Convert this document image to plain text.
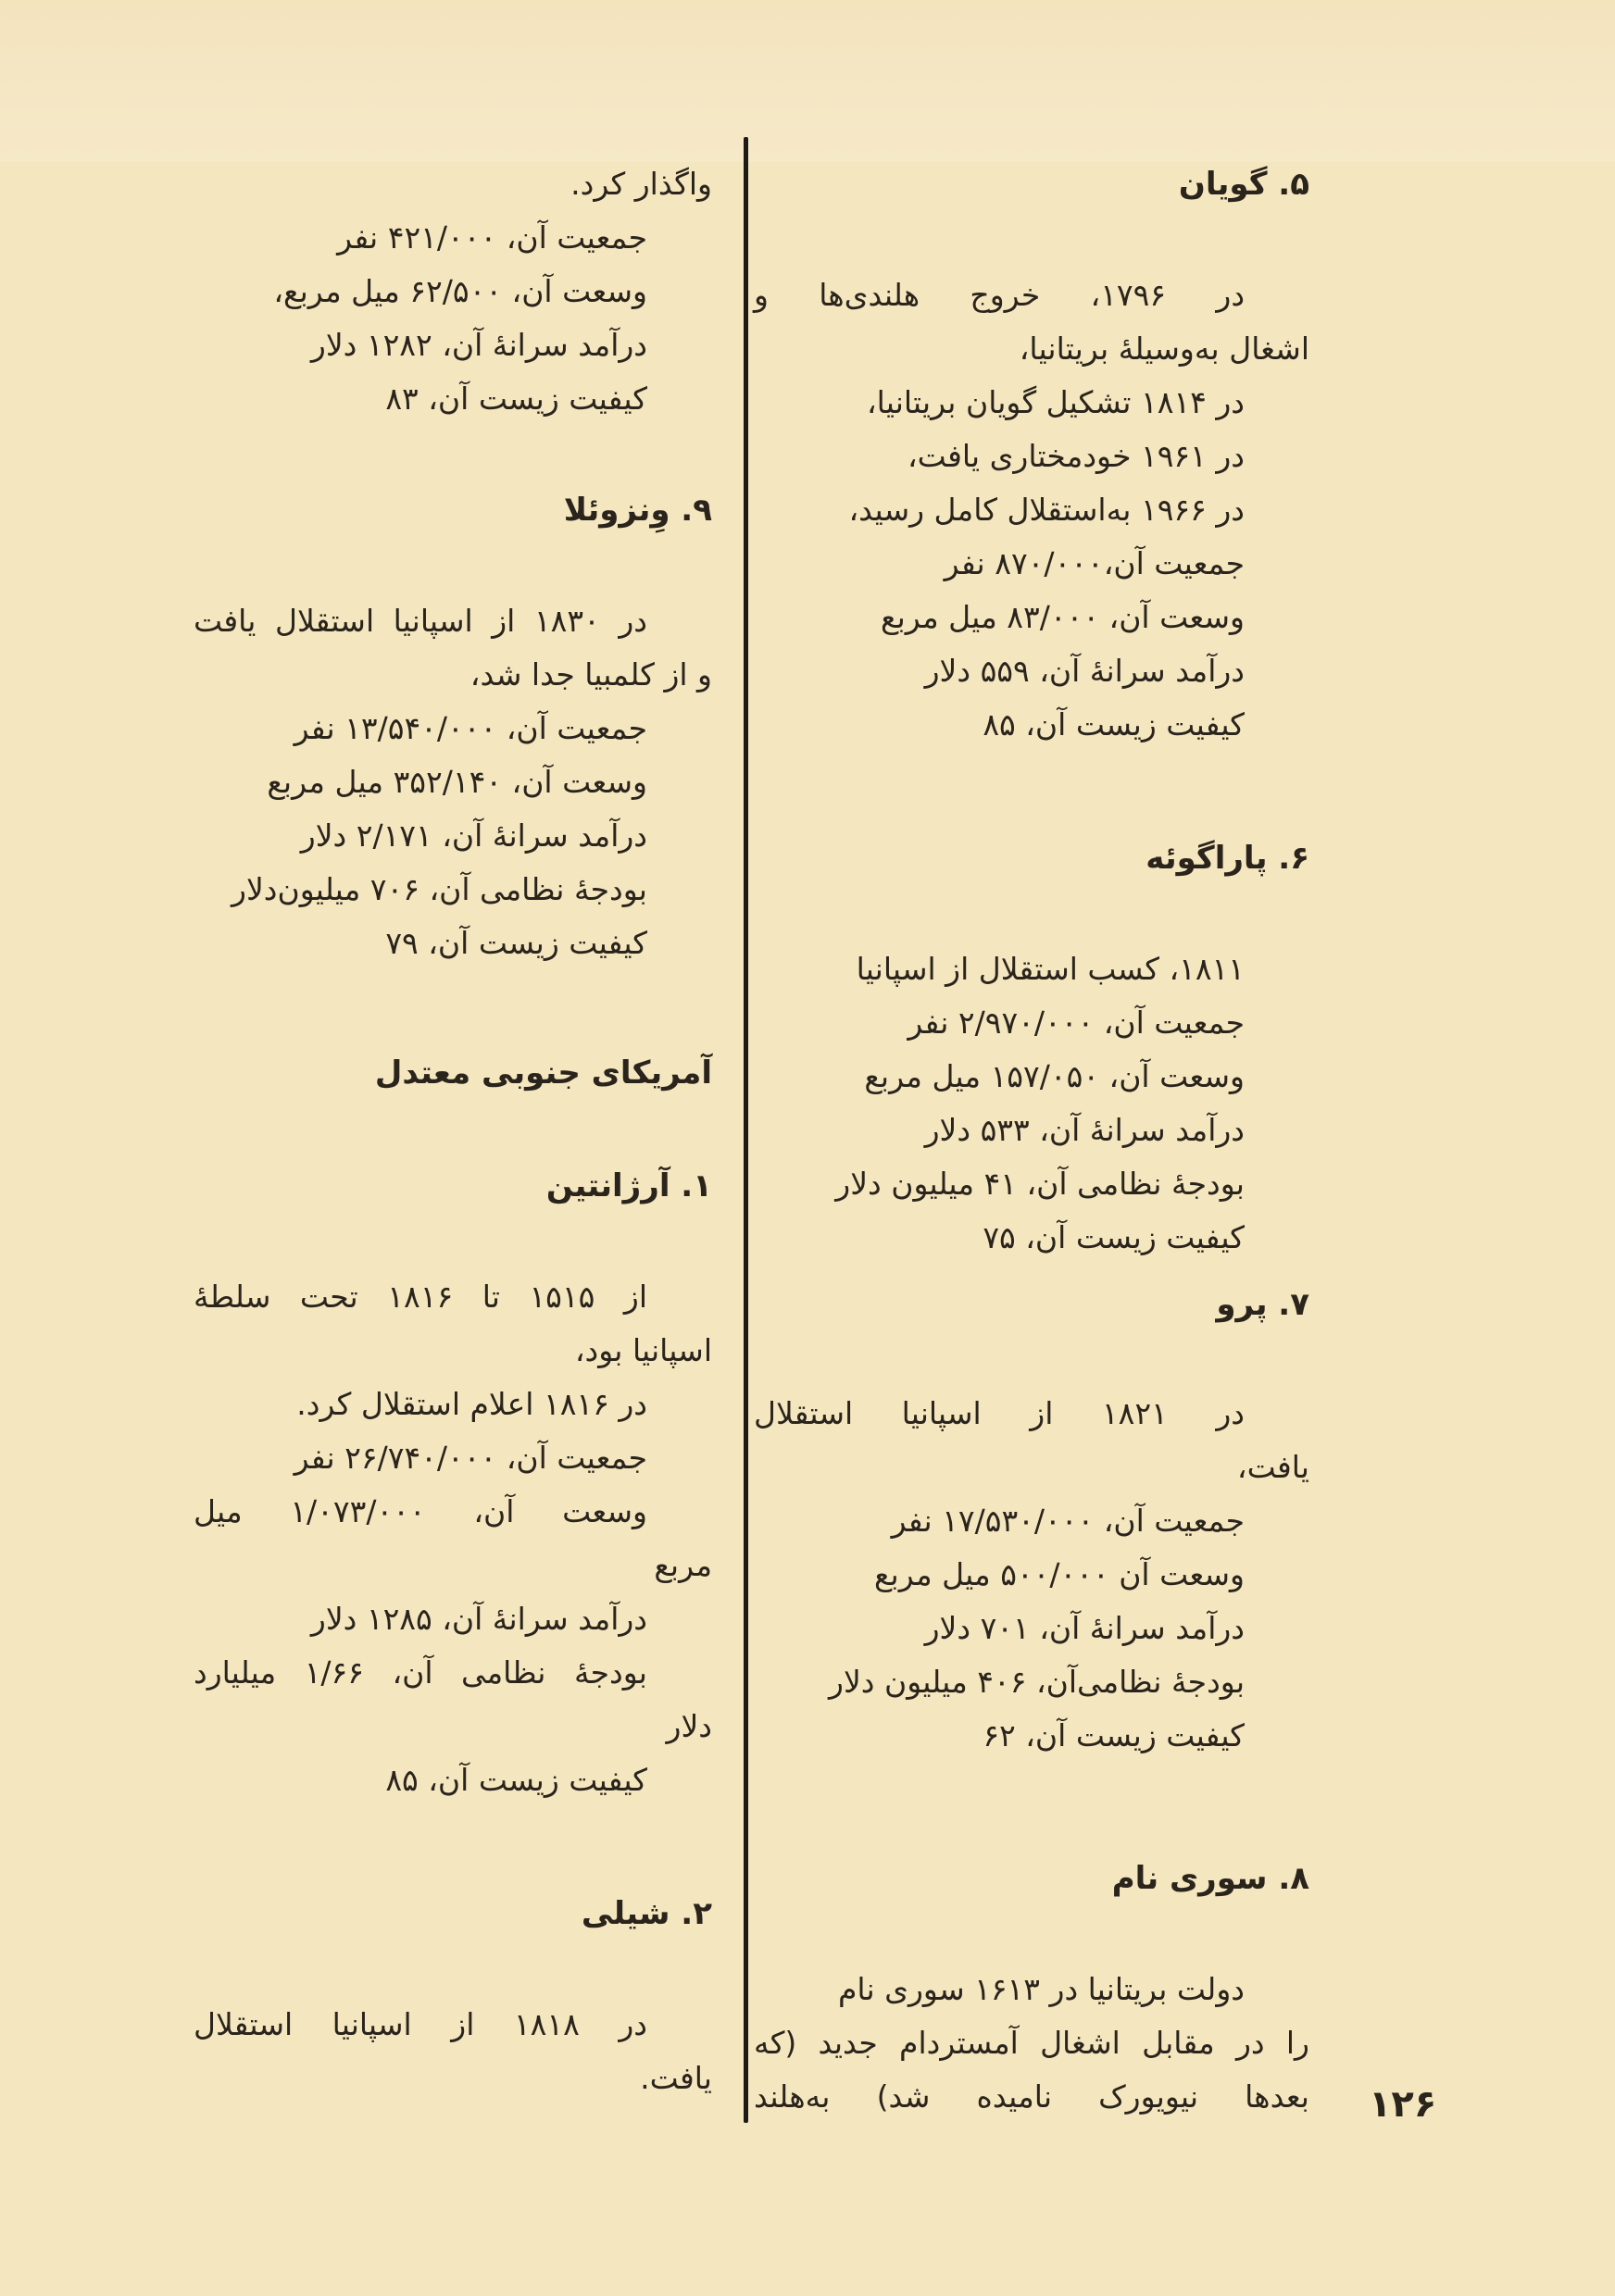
۵. گویان
در ۱۷۹۶، خروج هلندی‌ها و
اشغال به‌وسیلهٔ بریتانیا،
در ۱۸۱۴ تشکیل گویان بریتانیا،
در ۱۹۶۱ خودمختاری یافت،
در ۱۹۶۶ به‌استقلال کامل رسید،
جمعیت آن،۸۷۰/۰۰۰ نفر
وسعت آن، ۸۳/۰۰۰ میل مربع
درآمد سرانهٔ آن، ۵۵۹ دلار
کیفیت زیست آن، ۸۵
۶. پاراگوئه
۱۸۱۱، کسب استقلال از اسپانیا
جمعیت آن، ۲/۹۷۰/۰۰۰ نفر
وسعت آن، ۱۵۷/۰۵۰ میل مربع
درآمد سرانهٔ آن، ۵۳۳ دلار
بودجهٔ نظامی آن، ۴۱ میلیون دلار
کیفیت زیست آن، ۷۵
۷. پرو
در ۱۸۲۱ از اسپانیا استقلال
یافت،
جمعیت آن، ۱۷/۵۳۰/۰۰۰ نفر
وسعت آن ۵۰۰/۰۰۰ میل مربع
درآمد سرانهٔ آن، ۷۰۱ دلار
بودجهٔ نظامی‌آن، ۴۰۶ میلیون دلار
کیفیت زیست آن، ۶۲
۸. سوری نام
دولت بریتانیا در ۱۶۱۳ سوری نام
را در مقابل اشغال آمستردام جدید (که
بعدها نیویورک نامیده شد) به‌هلند
واگذار کرد.
جمعیت آن، ۴۲۱/۰۰۰ نفر
وسعت آن، ۶۲/۵۰۰ میل مربع،
درآمد سرانهٔ آن، ۱۲۸۲ دلار
کیفیت زیست آن، ۸۳
۹. وِنزوئلا
در ۱۸۳۰ از اسپانیا استقلال یافت
و از کلمبیا جدا شد،
جمعیت آن، ۱۳/۵۴۰/۰۰۰ نفر
وسعت آن، ۳۵۲/۱۴۰ میل مربع
درآمد سرانهٔ آن، ۲/۱۷۱ دلار
بودجهٔ نظامی آن، ۷۰۶ میلیون‌دلار
کیفیت زیست آن، ۷۹
آمریکای جنوبی معتدل
۱. آرژانتین
از ۱۵۱۵ تا ۱۸۱۶ تحت سلطهٔ
اسپانیا بود،
در ۱۸۱۶ اعلام استقلال کرد.
جمعیت آن، ۲۶/۷۴۰/۰۰۰ نفر
وسعت آن، ۱/۰۷۳/۰۰۰ میل
مربع
درآمد سرانهٔ آن، ۱۲۸۵ دلار
بودجهٔ نظامی آن، ۱/۶۶ میلیارد
دلار
کیفیت زیست آن، ۸۵
۲. شیلی
در ۱۸۱۸ از اسپانیا استقلال
یافت.
۱۲۶
